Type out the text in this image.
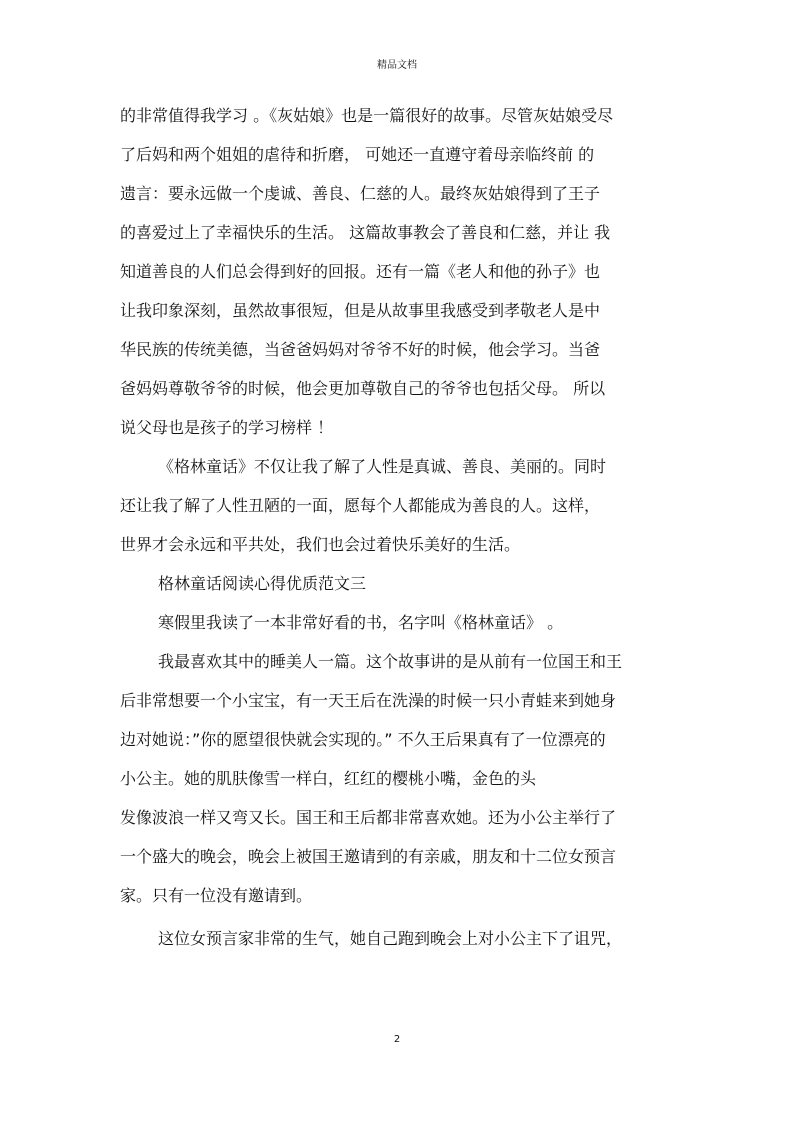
精品文档
的非常值得我学习 。《灰姑娘》也是一篇很好的故事。尽管灰姑娘受尽
了后妈和两个姐姐的虐待和折磨， 可她还一直遵守着母亲临终前 的
遗言：要永远做一个虔诚、善良、仁慈的人。最终灰姑娘得到了王子
的喜爱过上了幸福快乐的生活。 这篇故事教会了善良和仁慈，并让 我
知道善良的人们总会得到好的回报。还有一篇《老人和他的孙子》也
让我印象深刻，虽然故事很短，但是从故事里我感受到孝敬老人是中
华民族的传统美德，当爸爸妈妈对爷爷不好的时候，他会学习。当爸
爸妈妈尊敬爷爷的时候，他会更加尊敬自己的爷爷也包括父母。 所以
说父母也是孩子的学习榜样 ！
《格林童话》不仅让我了解了人性是真诚、善良、美丽的。同时
还让我了解了人性丑陋的一面，愿每个人都能成为善良的人。这样，
世界才会永远和平共处，我们也会过着快乐美好的生活。
格林童话阅读心得优质范文三
寒假里我读了一本非常好看的书，名字叫《格林童话》 。
我最喜欢其中的睡美人一篇。这个故事讲的是从前有一位国王和王
后非常想要一个小宝宝，有一天王后在洗澡的时候一只小青蛙来到她身
边对她说：”你的愿望很快就会实现的。” 不久王后果真有了一位漂亮的
小公主。她的肌肤像雪一样白，红红的樱桃小嘴，金色的头
发像波浪一样又弯又长。国王和王后都非常喜欢她。还为小公主举行了
一个盛大的晚会，晚会上被国王邀请到的有亲戚，朋友和十二位女预言
家。只有一位没有邀请到。
这位女预言家非常的生气，她自己跑到晚会上对小公主下了诅咒，
2
